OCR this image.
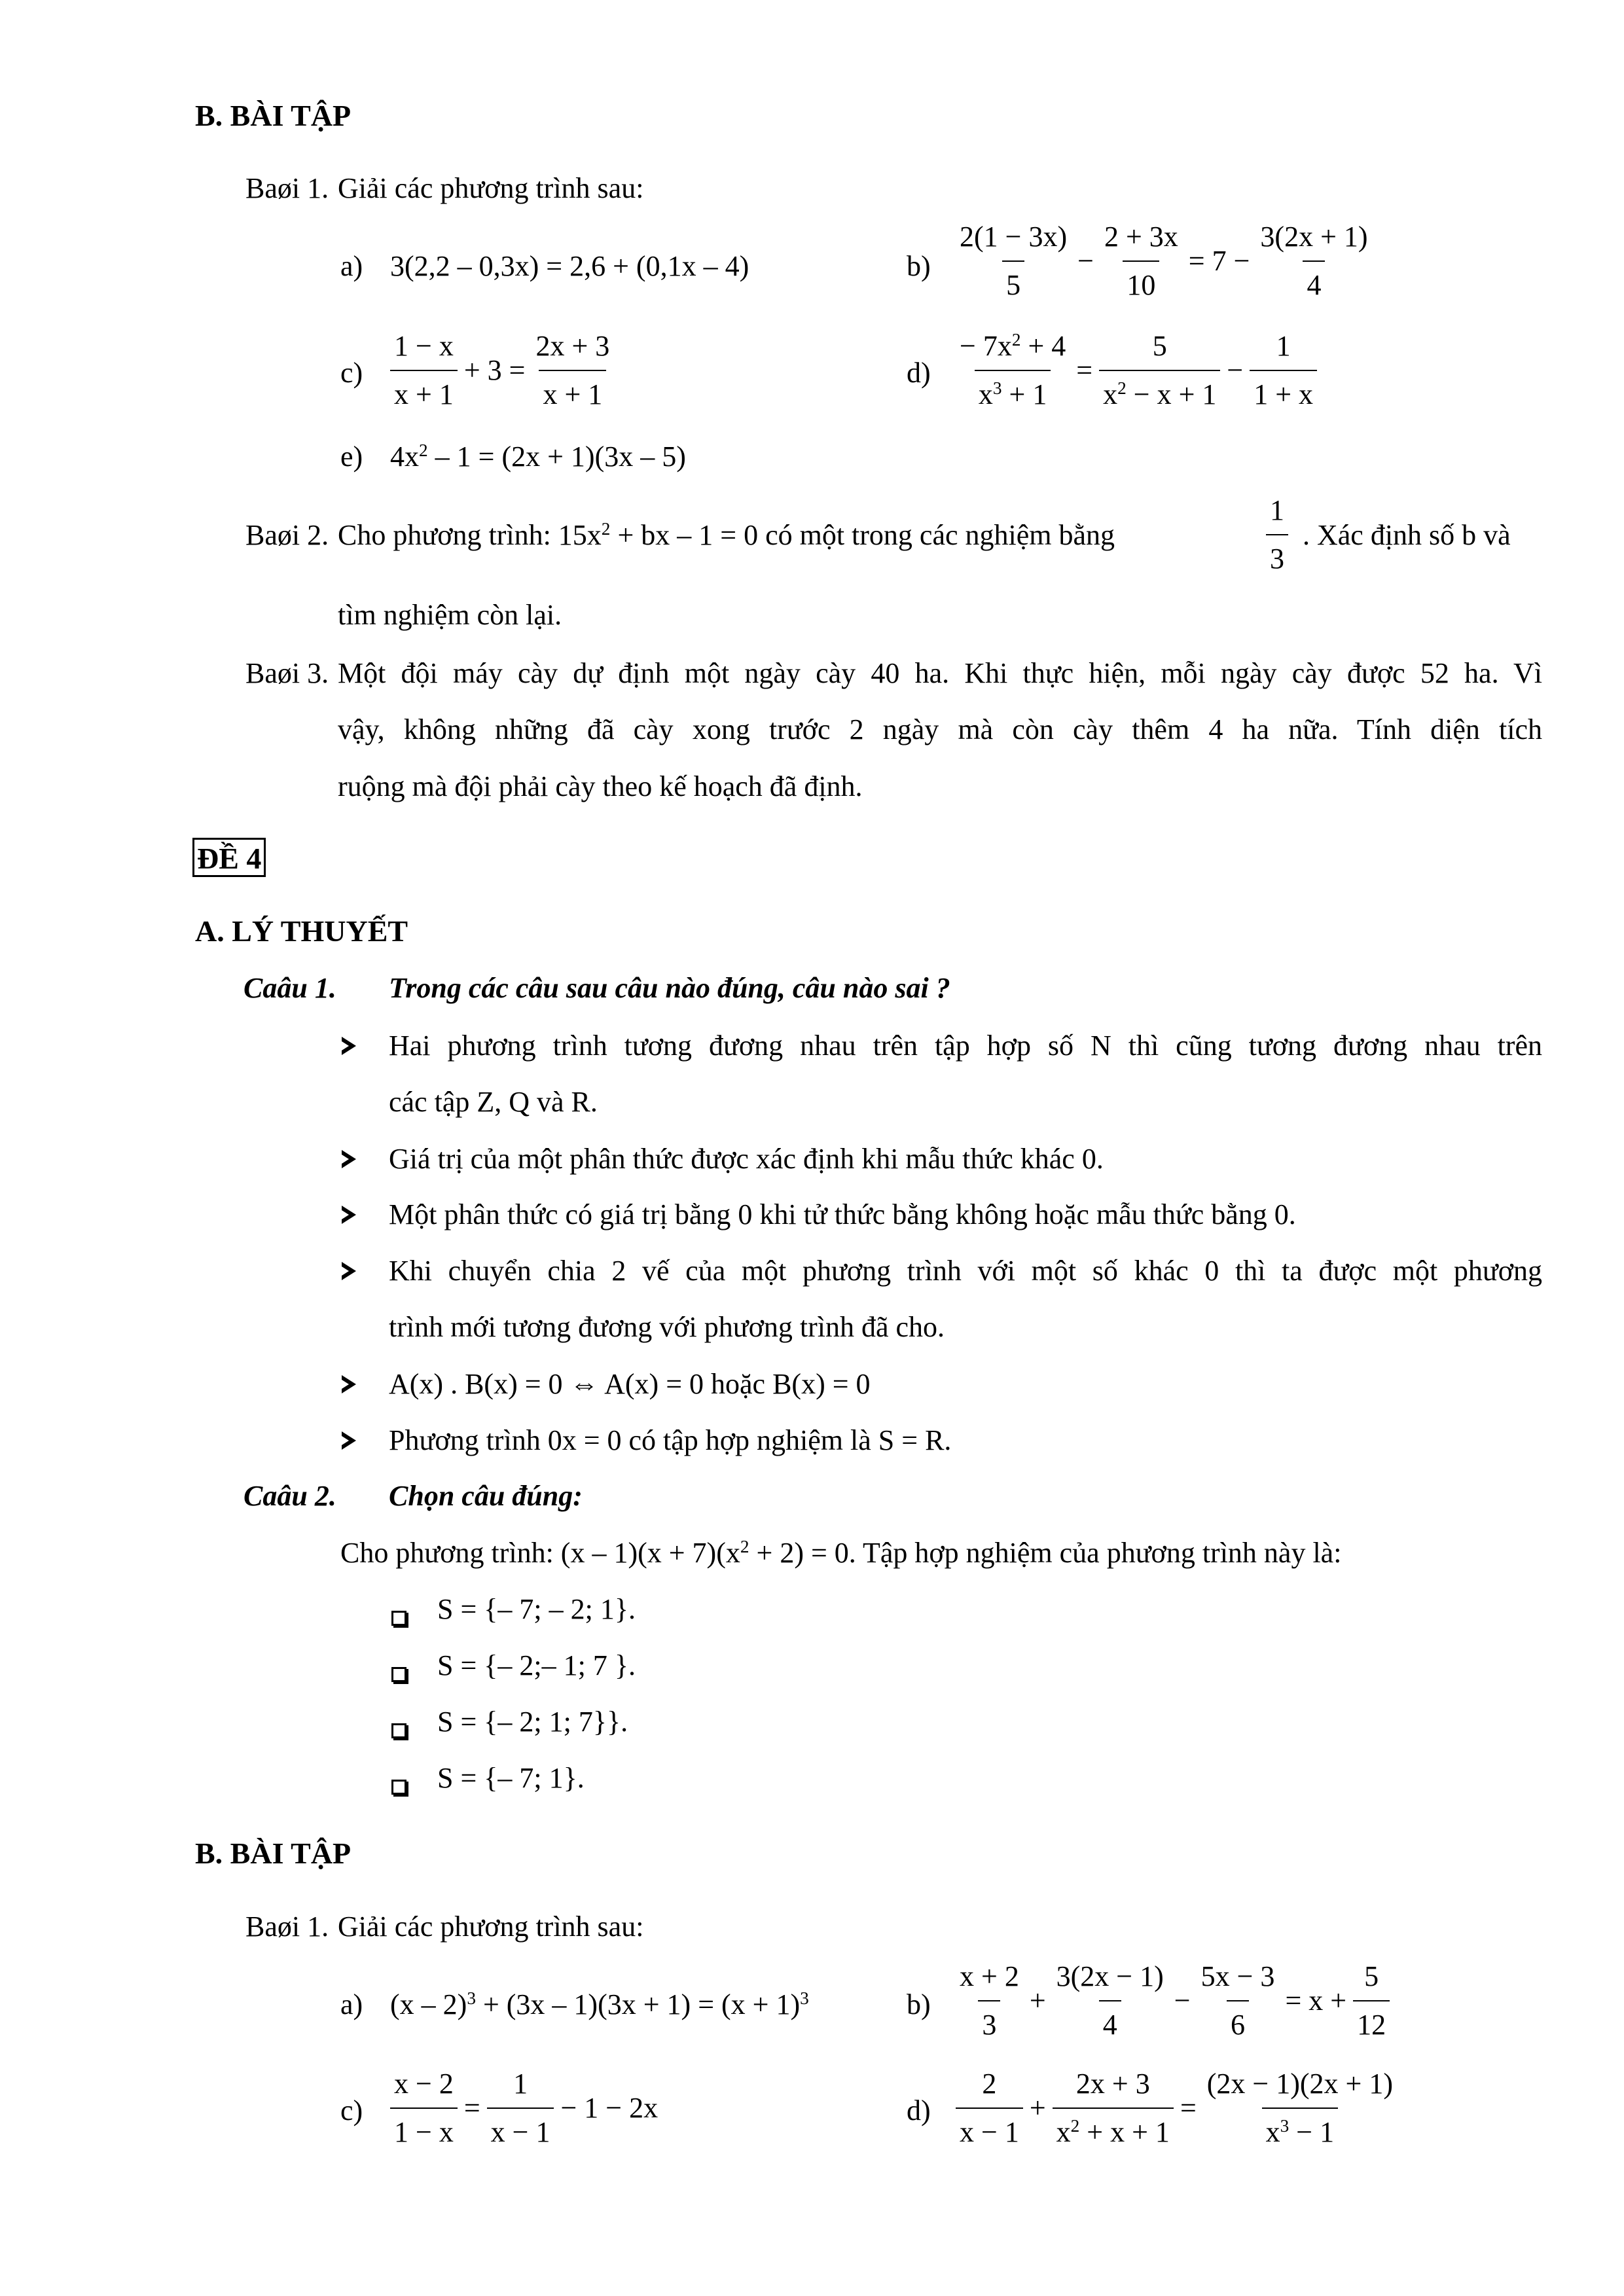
B. BÀI TẬP
Baøi 1. Giải các phương trình sau:
a) 3(2,2 – 0,3x) = 2,6 + (0,1x – 4)	$b) \frac{2(1 - 3x)}{5} - \frac{2 + 3x}{10} = 7 - \frac{3(2x + 1)}{4}$
$c) \frac{1 - x}{x + 1} + 3 = \frac{2x + 3}{x + 1}$	$d) \frac{- 7x^2 + 4}{x^3 + 1} = \frac{5}{x^2 - x + 1} - \frac{1}{1 + x}$
e) $4x^2 - 1 = (2x + 1)(3x - 5)$
Baøi 2. Cho phương trình: $15x^2$ + bx – 1 = 0 có một trong các nghiệm bằng	$\frac{1}{3}$ . Xác định số b và
tìm nghiệm còn lại.
Baøi 3. Một đội máy cày dự định một ngày cày 40 ha. Khi thực hiện, mỗi ngày cày được 52 ha. Vì
vậy, không những đã cày xong trước 2 ngày mà còn cày thêm 4 ha nữa. Tính diện tích
ruộng mà đội phải cày theo kế hoạch đã định.
ĐỀ 4
A. LÝ THUYẾT
Caâu 1. Trong các câu sau câu nào đúng, câu nào sai ?
Hai phương trình tương đương nhau trên tập hợp số N thì cũng tương đương nhau trên
các tập Z, Q và R.
Giá trị của một phân thức được xác định khi mẫu thức khác 0.
Một phân thức có giá trị bằng 0 khi tử thức bằng không hoặc mẫu thức bằng 0.
Khi chuyển chia 2 vế của một phương trình với một số khác 0 thì ta được một phương
trình mới tương đương với phương trình đã cho.
A(x) . B(x) = 0 ⇔ A(x) = 0 hoặc B(x) = 0
Phương trình 0x = 0 có tập hợp nghiệm là S = R.
Caâu 2. Chọn câu đúng:
Cho phương trình: $(x - 1)(x + 7)(x^2 + 2) = 0$. Tập hợp nghiệm của phương trình này là:
S = {– 7; – 2; 1}.
S = {– 2;– 1; 7 }.
S = {– 2; 1; 7}}.
S = {– 7; 1}.
B. BÀI TẬP
Baøi 1. Giải các phương trình sau:
a) $(x - 2)^3 + (3x - 1)(3x + 1) = (x + 1)^3$	$b) \frac{x + 2}{3} + \frac{3(2x - 1)}{4} - \frac{5x - 3}{6} = x + \frac{5}{12}$
$c) \frac{x - 2}{1 - x} = \frac{1}{x - 1} - 1 - 2x$	$d) \frac{2}{x - 1} + \frac{2x + 3}{x^2 + x + 1} = \frac{(2x - 1)(2x + 1)}{x^3 - 1}$
